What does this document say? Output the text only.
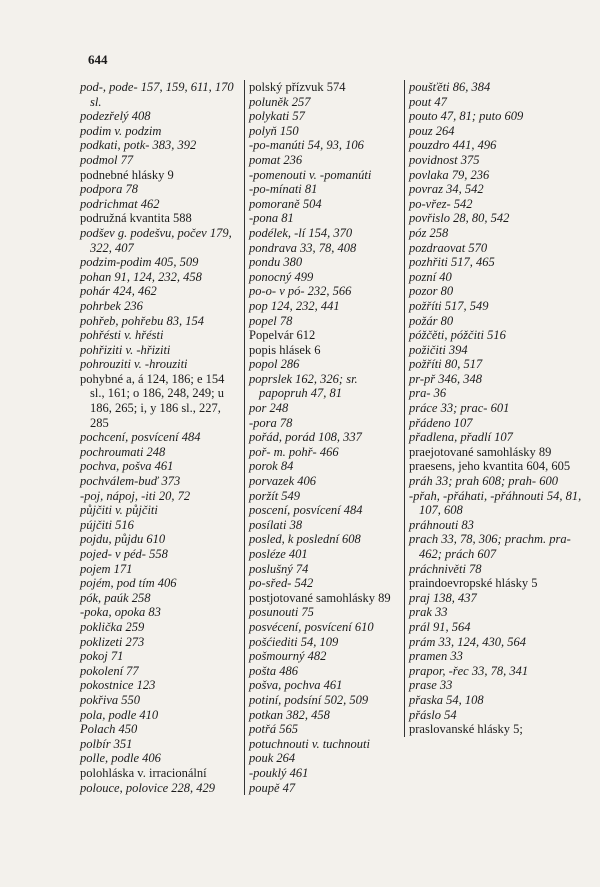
644
pod-, pode- 157, 159, 611, 170 sl.
podezřelý 408
podim v. podzim
podkati, potk- 383, 392
podmol 77
podnebné hlásky 9
podpora 78
podrichmat 462
podružná kvantita 588
podšev g. podešvu, počev 179, 322, 407
podzim-podim 405, 509
pohan 91, 124, 232, 458
pohár 424, 462
pohrbek 236
pohřeb, pohřebu 83, 154
pohřésti v. hřésti
pohřiziti v. -hřiziti
pohrouziti v. -hrouziti
pohybné a, á 124, 186; e 154 sl., 161; o 186, 248, 249; u 186, 265; i, y 186 sl., 227, 285
pochcení, posvícení 484
pochroumati 248
pochva, pošva 461
pochválem-buď 373
-poj, nápoj, -iti 20, 72
půjčiti v. půjčiti
pújčiti 516
pojdu, půjdu 610
pojed- v péd- 558
pojem 171
pojém, pod tím 406
pók, paúk 258
-poka, opoka 83
poklička 259
poklizeti 273
pokoj 71
pokolení 77
pokostnice 123
pokřiva 550
pola, podle 410
Polach 450
polbír 351
polle, podle 406
polohláska v. irracionální
polouce, polovice 228, 429
polský přízvuk 574
poluněk 257
polykati 57
polyň 150
-po-manúti 54, 93, 106
pomat 236
-pomenouti v. -pomanúti
-po-mínati 81
pomoraně 504
-pona 81
podélek, -lí 154, 370
pondrava 33, 78, 408
pondu 380
ponocný 499
po-o- v pó- 232, 566
pop 124, 232, 441
popel 78
Popelvár 612
popis hlásek 6
popol 286
poprslek 162, 326; sr. papopruh 47, 81
por 248
-pora 78
pořád, porád 108, 337
poř- m. pohř- 466
porok 84
porvazek 406
poržít 549
poscení, posvícení 484
posílati 38
posled, k poslední 608
posléze 401
poslušný 74
po-sřed- 542
postjotované samohlásky 89
posunouti 75
posvécení, posvícení 610
pošćiediti 54, 109
pošmourný 482
pošta 486
pošva, pochva 461
potiní, podsíní 502, 509
potkan 382, 458
potřá 565
potuchnouti v. tuchnouti
pouk 264
-pouklý 461
poupě 47
poušťěti 86, 384
pout 47
pouto 47, 81; puto 609
pouz 264
pouzdro 441, 496
povidnost 375
povlaka 79, 236
povraz 34, 542
po-vřez- 542
povřislo 28, 80, 542
póz 258
pozdraovat 570
pozhřiti 517, 465
pozní 40
pozor 80
požříti 517, 549
požár 80
póžčěti, póžčiti 516
požičiti 394
požříti 80, 517
pr-př 346, 348
pra- 36
práce 33; prac- 601
přádeno 107
přadlena, přadlí 107
praejotované samohlásky 89
praesens, jeho kvantita 604, 605
práh 33; prah 608; prah- 600
-přah, -přáhati, -přáhnouti 54, 81, 107, 608
práhnouti 83
prach 33, 78, 306; prachm. pra- 462; prách 607
práchnivěti 78
praindoevropské hlásky 5
praj 138, 437
prak 33
prál 91, 564
prám 33, 124, 430, 564
pramen 33
prapor, -řec 33, 78, 341
prase 33
přaska 54, 108
přáslo 54
praslovanské hlásky 5;
